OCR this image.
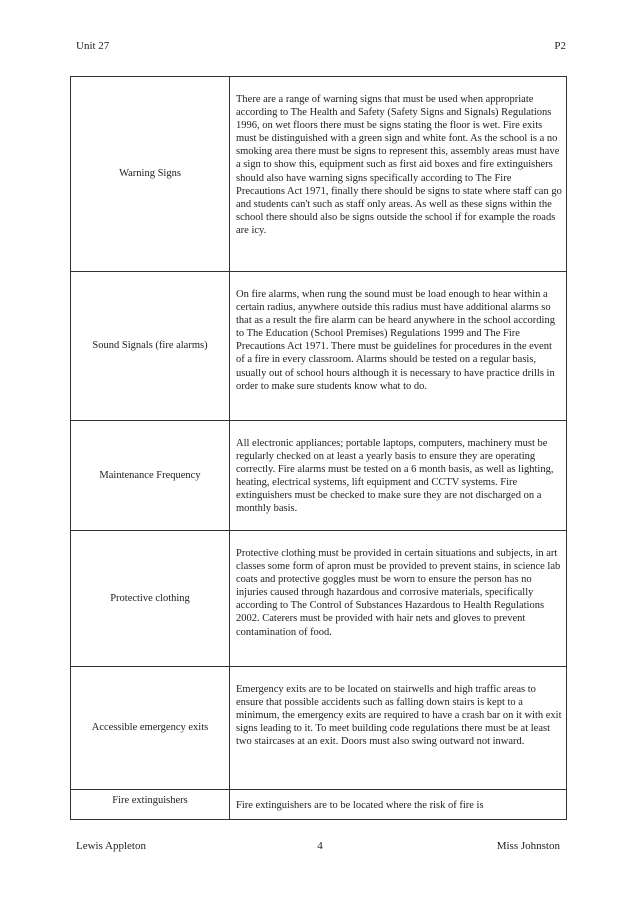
Unit 27	P2
Warning Signs	There are a range of warning signs that must be used when appropriate according to The Health and Safety (Safety Signs and Signals) Regulations 1996, on wet floors there must be signs stating the floor is wet. Fire exits must be distinguished with a green sign and white font. As the school is a no smoking area there must be signs to represent this, assembly areas must have a sign to show this, equipment such as first aid boxes and fire extinguishers should also have warning signs specifically according to The Fire Precautions Act 1971, finally there should be signs to state where staff can go and students can't such as staff only areas. As well as these signs within the school there should also be signs outside the school if for example the roads are icy.
Sound Signals (fire alarms)	On fire alarms, when rung the sound must be load enough to hear within a certain radius, anywhere outside this radius must have additional alarms so that as a result the fire alarm can be heard anywhere in the school according to The Education (School Premises) Regulations 1999 and The Fire Precautions Act 1971. There must be guidelines for procedures in the event of a fire in every classroom. Alarms should be tested on a regular basis, usually out of school hours although it is necessary to have practice drills in order to make sure students know what to do.
Maintenance Frequency	All electronic appliances; portable laptops, computers, machinery must be regularly checked on at least a yearly basis to ensure they are operating correctly. Fire alarms must be tested on a 6 month basis, as well as lighting, heating, electrical systems, lift equipment and CCTV systems. Fire extinguishers must be checked to make sure they are not discharged on a monthly basis.
Protective clothing	Protective clothing must be provided in certain situations and subjects, in art classes some form of apron must be provided to prevent stains, in science lab coats and protective goggles must be worn to ensure the person has no injuries caused through hazardous and corrosive materials, specifically according to The Control of Substances Hazardous to Health Regulations 2002. Caterers must be provided with hair nets and gloves to prevent contamination of food.
Accessible emergency exits	Emergency exits are to be located on stairwells and high traffic areas to ensure that possible accidents such as falling down stairs is kept to a minimum, the emergency exits are required to have a crash bar on it with exit signs leading to it. To meet building code regulations there must be at least two staircases at an exit. Doors must also swing outward not inward.
Fire extinguishers	Fire extinguishers are to be located where the risk of fire is
Lewis Appleton	4	Miss Johnston
